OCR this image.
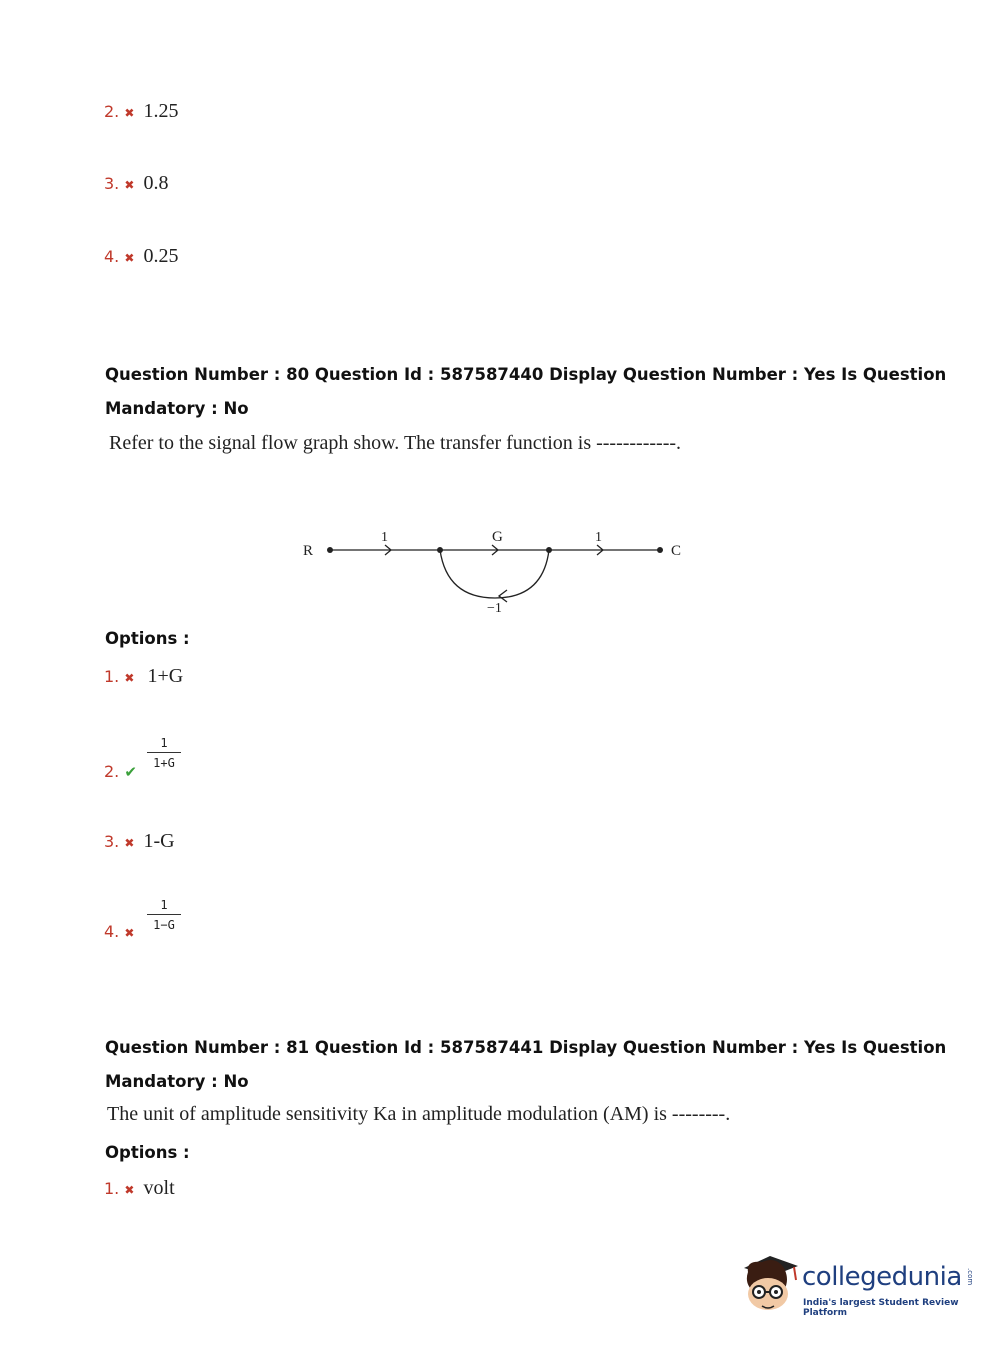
2. ✖ 1.25
3. ✖ 0.8
4. ✖ 0.25
Question Number : 80 Question Id : 587587440 Display Question Number : Yes Is Question
Mandatory : No
Refer to the signal flow graph show. The transfer function is ------------.
R
1	G	1
C
−1
Options :
1. ✖ 1+G
2. ✔
$\frac{1}{1+G}$
3. ✖ 1-G
4. ✖
$\frac{1}{1-G}$
Question Number : 81 Question Id : 587587441 Display Question Number : Yes Is Question
Mandatory : No
The unit of amplitude sensitivity Ka in amplitude modulation (AM) is --------.
Options :
1. ✖ volt
collegedunia .com
India's largest Student Review Platform
